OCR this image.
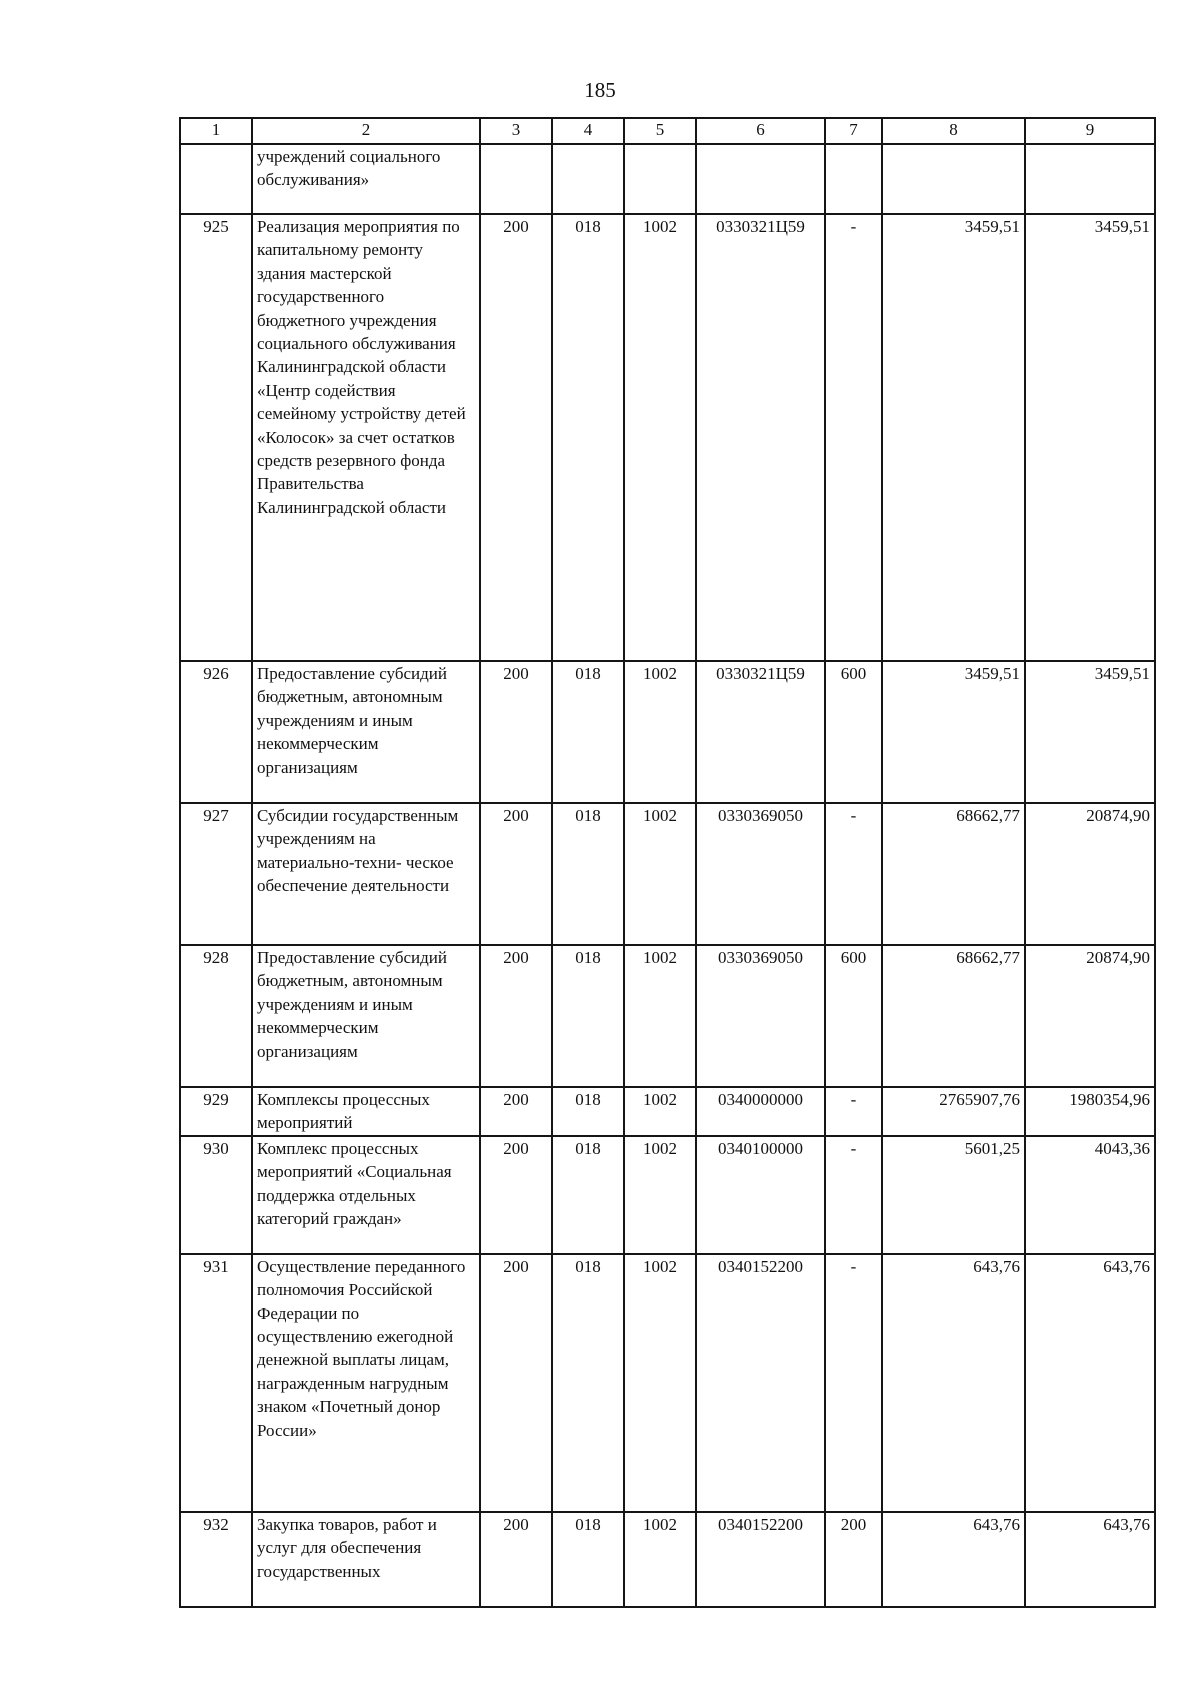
185
1	2	3	4	5	6	7	8	9
	учреждений социального обслуживания»							
925	Реализация мероприятия по капитальному ремонту здания мастерской государственного бюджетного учреждения социального обслуживания Калининградской области «Центр содействия семейному устройству детей «Колосок» за счет остатков средств резервного фонда Правительства Калининградской области	200	018	1002	0330321Ц59	-	3459,51	3459,51
926	Предоставление субсидий бюджетным, автономным учреждениям и иным некоммерческим организациям	200	018	1002	0330321Ц59	600	3459,51	3459,51
927	Субсидии государственным учреждениям на материально-техни- ческое обеспечение деятельности	200	018	1002	0330369050	-	68662,77	20874,90
928	Предоставление субсидий бюджетным, автономным учреждениям и иным некоммерческим организациям	200	018	1002	0330369050	600	68662,77	20874,90
929	Комплексы процессных мероприятий	200	018	1002	0340000000	-	2765907,76	1980354,96
930	Комплекс процессных мероприятий «Социальная поддержка отдельных категорий граждан»	200	018	1002	0340100000	-	5601,25	4043,36
931	Осуществление переданного полномочия Российской Федерации по осуществлению ежегодной денежной выплаты лицам, награжденным нагрудным знаком «Почетный донор России»	200	018	1002	0340152200	-	643,76	643,76
932	Закупка товаров, работ и услуг для обеспечения государственных	200	018	1002	0340152200	200	643,76	643,76
